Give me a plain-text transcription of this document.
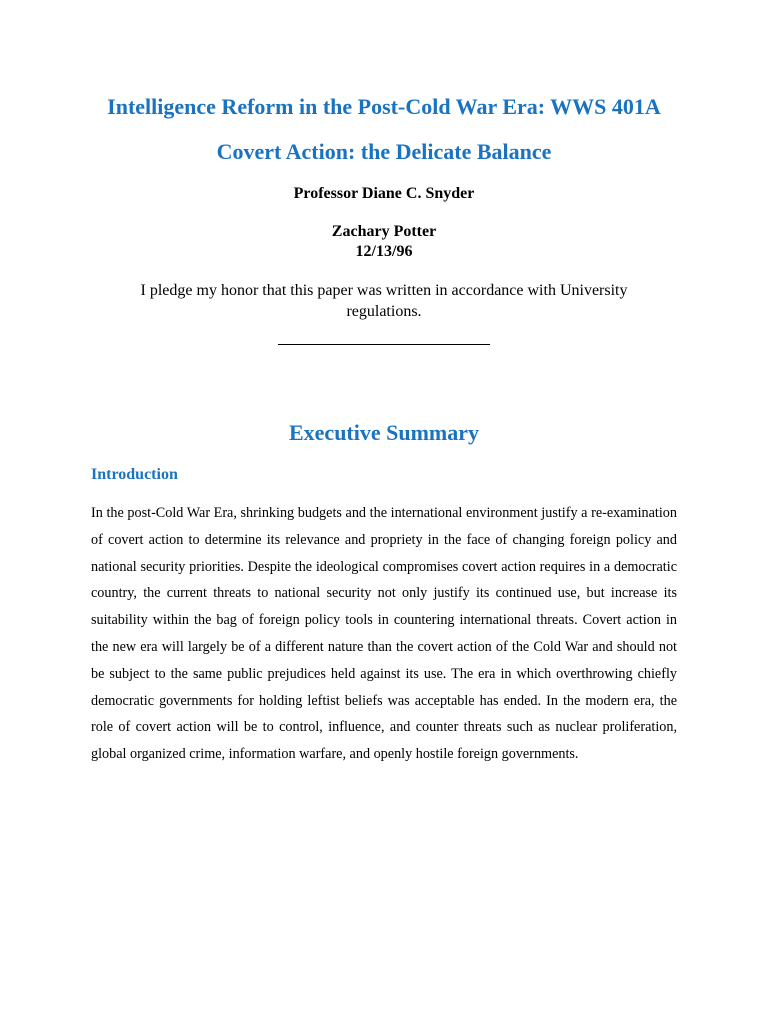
Intelligence Reform in the Post-Cold War Era: WWS 401A
Covert Action: the Delicate Balance
Professor Diane C. Snyder
Zachary Potter
12/13/96
I pledge my honor that this paper was written in accordance with University regulations.
Executive Summary
Introduction
In the post-Cold War Era, shrinking budgets and the international environment justify a re-examination of covert action to determine its relevance and propriety in the face of changing foreign policy and national security priorities. Despite the ideological compromises covert action requires in a democratic country, the current threats to national security not only justify its continued use, but increase its suitability within the bag of foreign policy tools in countering international threats. Covert action in the new era will largely be of a different nature than the covert action of the Cold War and should not be subject to the same public prejudices held against its use. The era in which overthrowing chiefly democratic governments for holding leftist beliefs was acceptable has ended. In the modern era, the role of covert action will be to control, influence, and counter threats such as nuclear proliferation, global organized crime, information warfare, and openly hostile foreign governments.
